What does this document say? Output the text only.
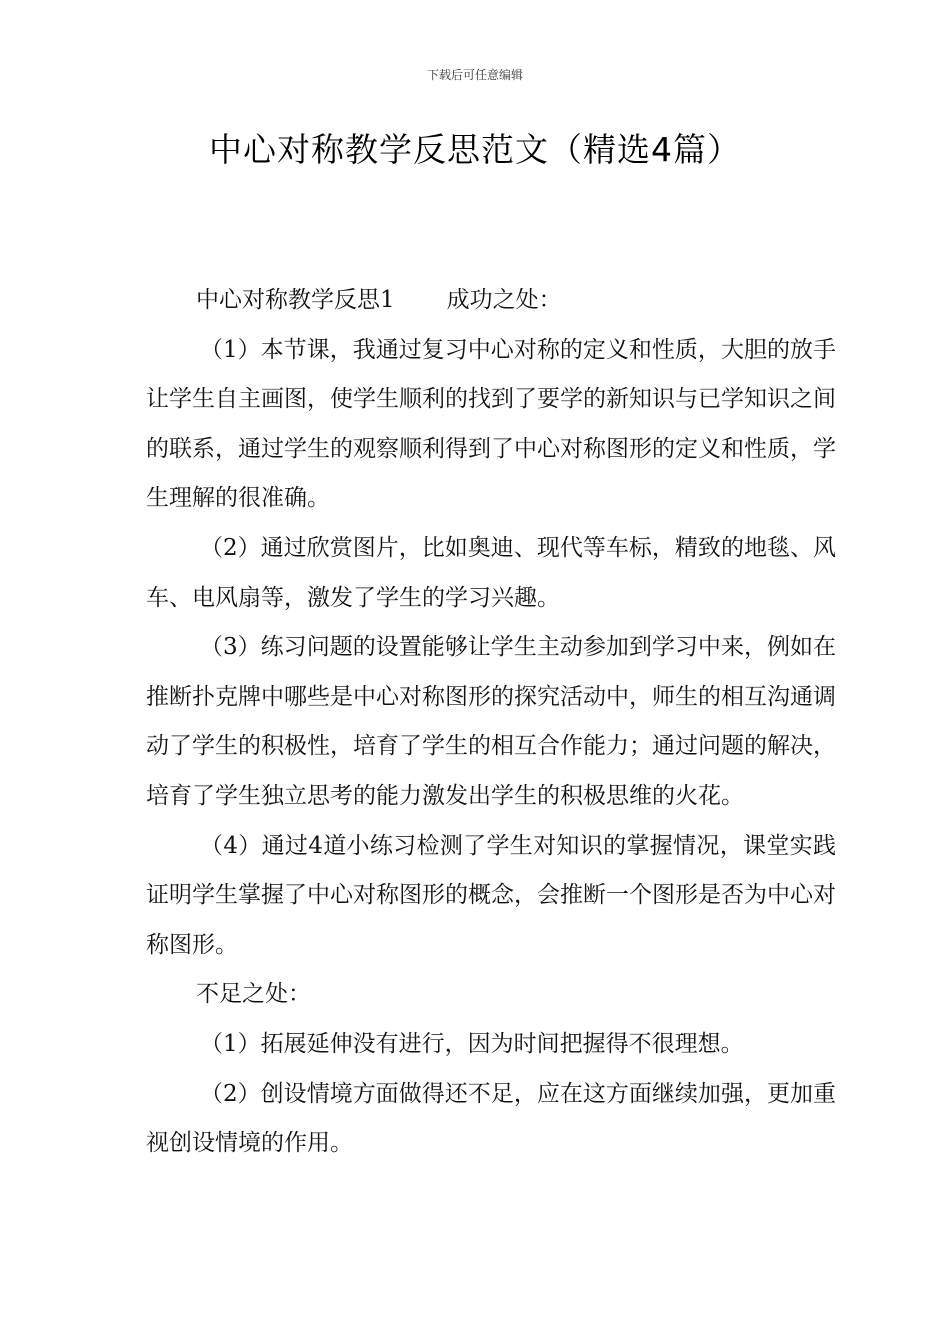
下载后可任意编辑
中心对称教学反思范文（精选4篇）

中心对称教学反思1 成功之处：

（1）本节课，我通过复习中心对称的定义和性质，大胆的放手让学生自主画图，使学生顺利的找到了要学的新知识与已学知识之间的联系，通过学生的观察顺利得到了中心对称图形的定义和性质，学生理解的很准确。

（2）通过欣赏图片，比如奥迪、现代等车标，精致的地毯、风车、电风扇等，激发了学生的学习兴趣。

（3）练习问题的设置能够让学生主动参加到学习中来，例如在推断扑克牌中哪些是中心对称图形的探究活动中，师生的相互沟通调动了学生的积极性，培育了学生的相互合作能力；通过问题的解决，培育了学生独立思考的能力激发出学生的积极思维的火花。

（4）通过4道小练习检测了学生对知识的掌握情况，课堂实践证明学生掌握了中心对称图形的概念，会推断一个图形是否为中心对称图形。

不足之处：

（1）拓展延伸没有进行，因为时间把握得不很理想。

（2）创设情境方面做得还不足，应在这方面继续加强，更加重视创设情境的作用。
